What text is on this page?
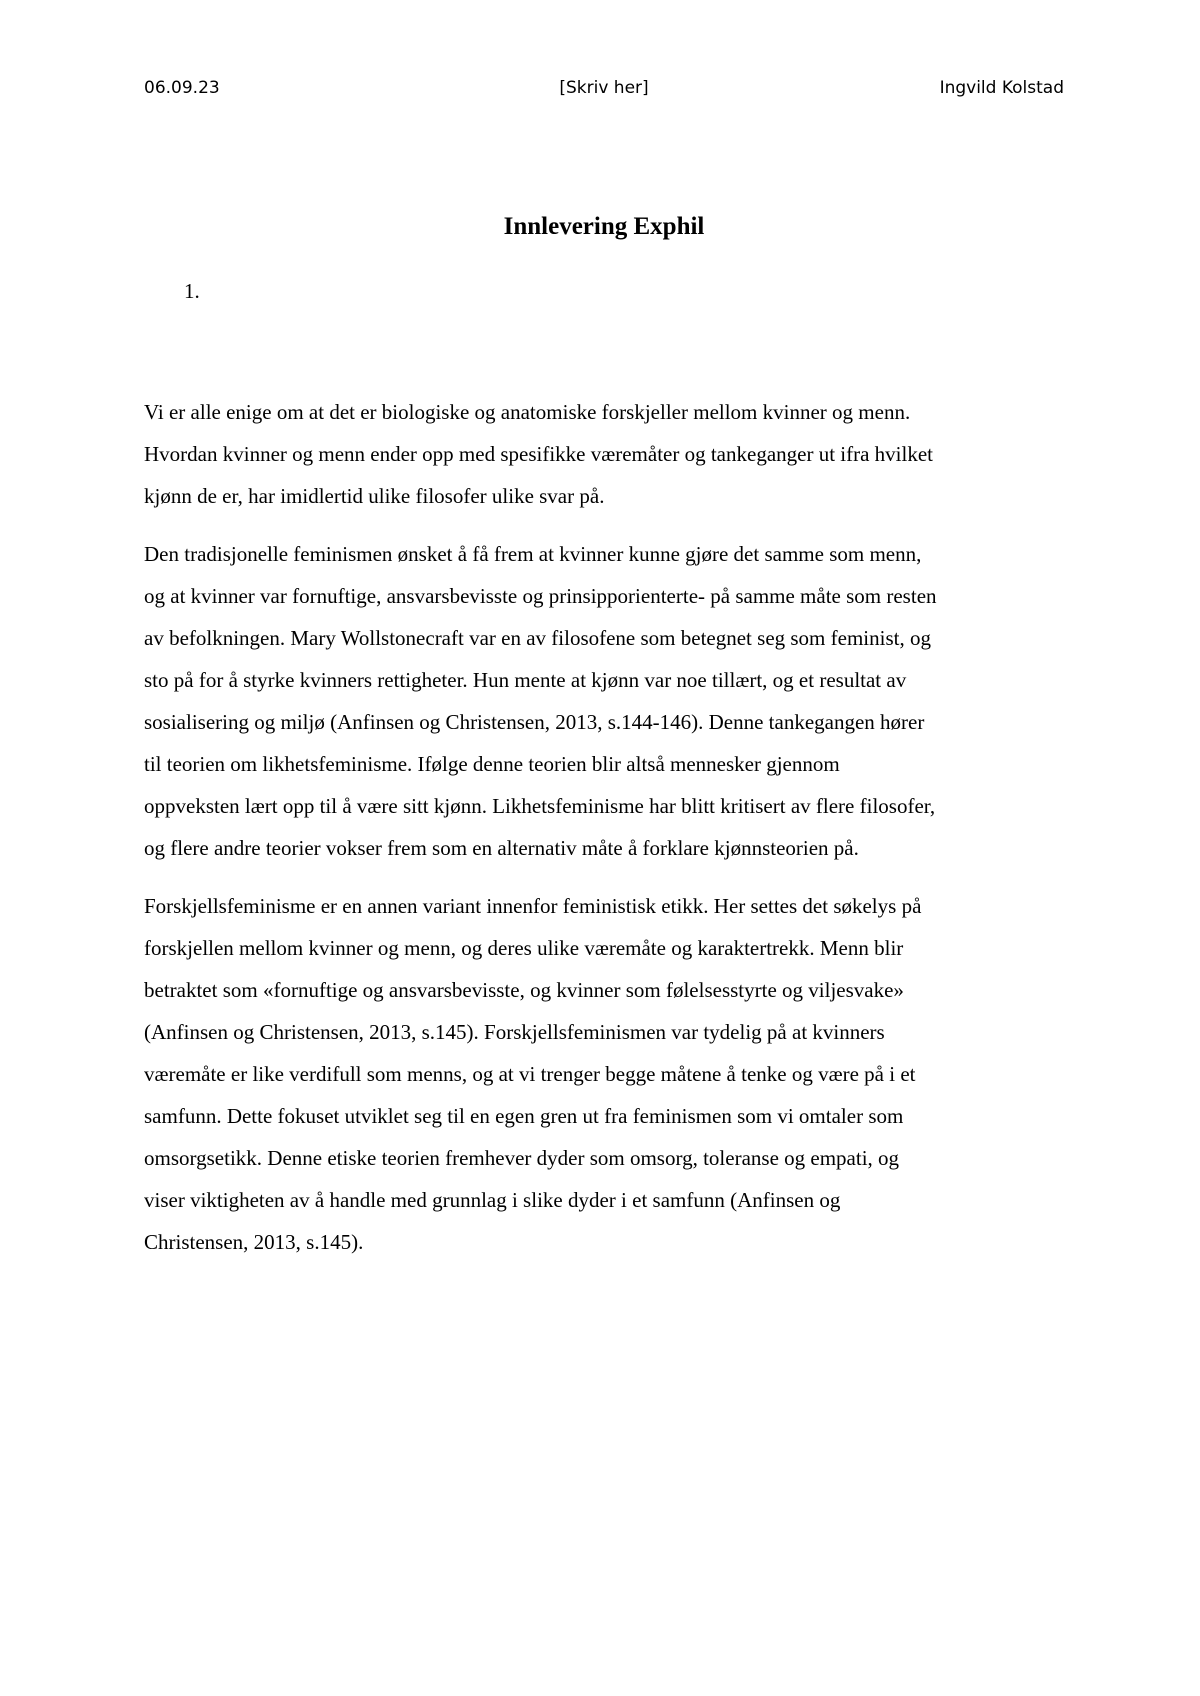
06.09.23	[Skriv her]	Ingvild Kolstad
Innlevering Exphil
1.

Vi er alle enige om at det er biologiske og anatomiske forskjeller mellom kvinner og menn.
Hvordan kvinner og menn ender opp med spesifikke væremåter og tankeganger ut ifra hvilket
kjønn de er, har imidlertid ulike filosofer ulike svar på.

Den tradisjonelle feminismen ønsket å få frem at kvinner kunne gjøre det samme som menn,
og at kvinner var fornuftige, ansvarsbevisste og prinsipporienterte- på samme måte som resten
av befolkningen. Mary Wollstonecraft var en av filosofene som betegnet seg som feminist, og
sto på for å styrke kvinners rettigheter. Hun mente at kjønn var noe tillært, og et resultat av
sosialisering og miljø (Anfinsen og Christensen, 2013, s.144-146). Denne tankegangen hører
til teorien om likhetsfeminisme. Ifølge denne teorien blir altså mennesker gjennom
oppveksten lært opp til å være sitt kjønn. Likhetsfeminisme har blitt kritisert av flere filosofer,
og flere andre teorier vokser frem som en alternativ måte å forklare kjønnsteorien på.

Forskjellsfeminisme er en annen variant innenfor feministisk etikk. Her settes det søkelys på
forskjellen mellom kvinner og menn, og deres ulike væremåte og karaktertrekk. Menn blir
betraktet som «fornuftige og ansvarsbevisste, og kvinner som følelsesstyrte og viljesvake»
(Anfinsen og Christensen, 2013, s.145). Forskjellsfeminismen var tydelig på at kvinners
væremåte er like verdifull som menns, og at vi trenger begge måtene å tenke og være på i et
samfunn. Dette fokuset utviklet seg til en egen gren ut fra feminismen som vi omtaler som
omsorgsetikk. Denne etiske teorien fremhever dyder som omsorg, toleranse og empati, og
viser viktigheten av å handle med grunnlag i slike dyder i et samfunn (Anfinsen og
Christensen, 2013, s.145).
